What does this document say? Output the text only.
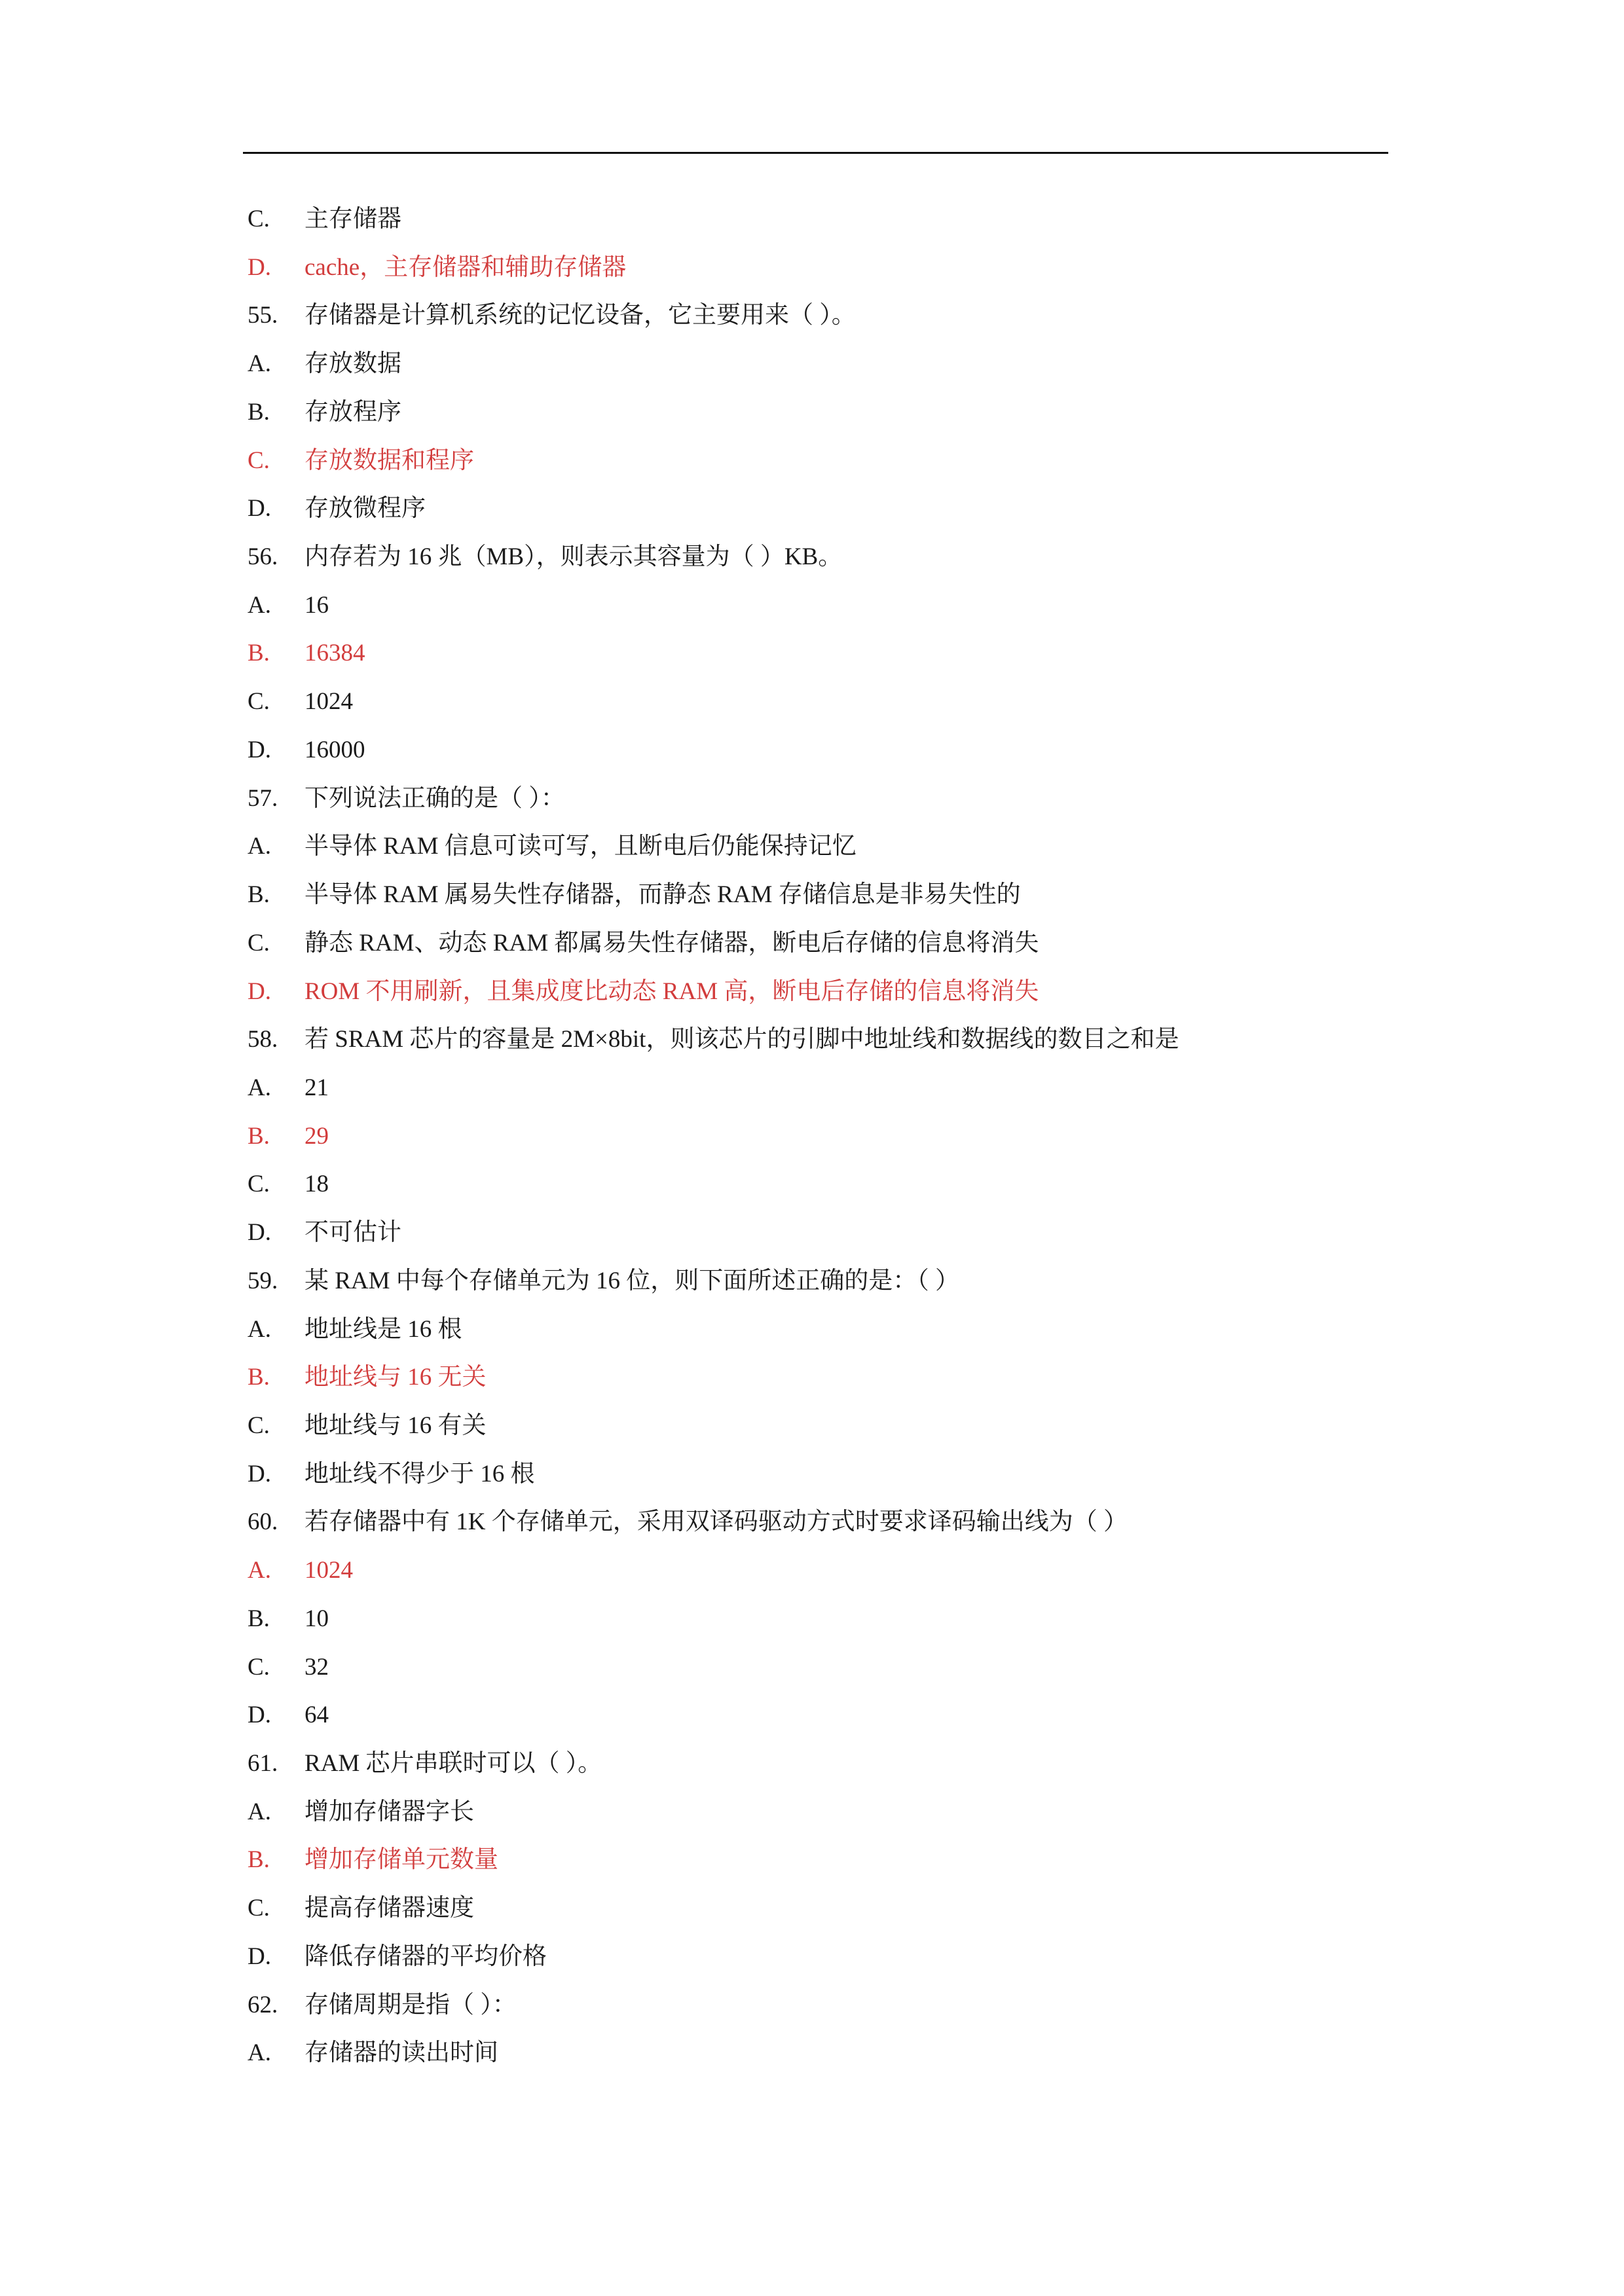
C. 主存储器
D. cache，主存储器和辅助存储器
55. 存储器是计算机系统的记忆设备，它主要用来（ ）。
A. 存放数据
B. 存放程序
C. 存放数据和程序
D. 存放微程序
56. 内存若为 16 兆（MB），则表示其容量为（ ）KB。
A. 16
B. 16384
C. 1024
D. 16000
57. 下列说法正确的是（ ）：
A. 半导体 RAM 信息可读可写，且断电后仍能保持记忆
B. 半导体 RAM 属易失性存储器，而静态 RAM 存储信息是非易失性的
C. 静态 RAM、动态 RAM 都属易失性存储器，断电后存储的信息将消失
D. ROM 不用刷新，且集成度比动态 RAM 高，断电后存储的信息将消失
58. 若 SRAM 芯片的容量是 2M×8bit，则该芯片的引脚中地址线和数据线的数目之和是
A. 21
B. 29
C. 18
D. 不可估计
59. 某 RAM 中每个存储单元为 16 位，则下面所述正确的是：（ ）
A. 地址线是 16 根
B. 地址线与 16 无关
C. 地址线与 16 有关
D. 地址线不得少于 16 根
60. 若存储器中有 1K 个存储单元，采用双译码驱动方式时要求译码输出线为（ ）
A. 1024
B. 10
C. 32
D. 64
61. RAM 芯片串联时可以（ ）。
A. 增加存储器字长
B. 增加存储单元数量
C. 提高存储器速度
D. 降低存储器的平均价格
62. 存储周期是指（ ）：
A. 存储器的读出时间
